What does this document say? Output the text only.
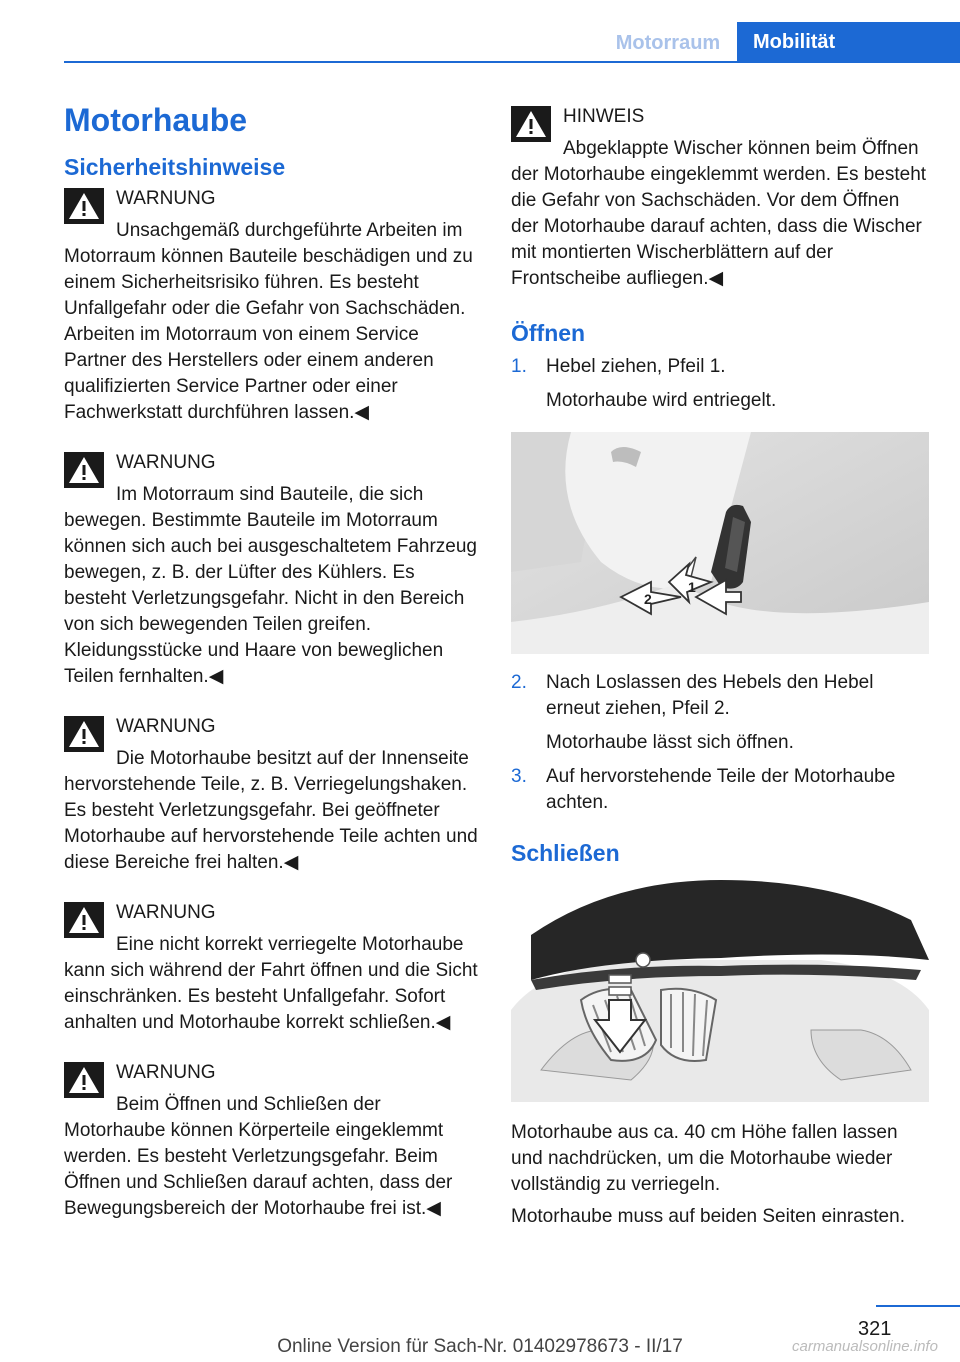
Motorraum	Mobilität
Motorhaube
Sicherheitshinweise

WARNUNG

Unsachgemäß durchgeführte Arbeiten im Motorraum können Bauteile beschädigen und zu einem Sicherheitsrisiko führen. Es besteht Unfallgefahr oder die Gefahr von Sachschäden. Arbeiten im Motorraum von einem Service Partner des Herstellers oder einem anderen qualifizierten Service Partner oder einer Fachwerkstatt durchführen lassen.◀

WARNUNG

Im Motorraum sind Bauteile, die sich bewegen. Bestimmte Bauteile im Motorraum können sich auch bei ausgeschaltetem Fahrzeug bewegen, z. B. der Lüfter des Kühlers. Es besteht Verletzungsgefahr. Nicht in den Bereich von sich bewegenden Teilen greifen. Kleidungsstücke und Haare von beweglichen Teilen fernhalten.◀

WARNUNG

Die Motorhaube besitzt auf der Innenseite hervorstehende Teile, z. B. Verriegelungshaken. Es besteht Verletzungsgefahr. Bei geöffneter Motorhaube auf hervorstehende Teile achten und diese Bereiche frei halten.◀

WARNUNG

Eine nicht korrekt verriegelte Motorhaube kann sich während der Fahrt öffnen und die Sicht einschränken. Es besteht Unfallgefahr. Sofort anhalten und Motorhaube korrekt schließen.◀

WARNUNG

Beim Öffnen und Schließen der Motorhaube können Körperteile eingeklemmt werden. Es besteht Verletzungsgefahr. Beim Öffnen und Schließen darauf achten, dass der Bewegungsbereich der Motorhaube frei ist.◀

HINWEIS

Abgeklappte Wischer können beim Öffnen der Motorhaube eingeklemmt werden. Es besteht die Gefahr von Sachschäden. Vor dem Öffnen der Motorhaube darauf achten, dass die Wischer mit montierten Wischerblättern auf der Frontscheibe aufliegen.◀

Öffnen
1. Hebel ziehen, Pfeil 1.
Motorhaube wird entriegelt.
1
2
2. Nach Loslassen des Hebels den Hebel erneut ziehen, Pfeil 2.
Motorhaube lässt sich öffnen.
3. Auf hervorstehende Teile der Motorhaube achten.
Schließen

Motorhaube aus ca. 40 cm Höhe fallen lassen und nachdrücken, um die Motorhaube wieder vollständig zu verriegeln.

Motorhaube muss auf beiden Seiten einrasten.

321
Online Version für Sach-Nr. 01402978673 - II/17	carmanualsonline.info
